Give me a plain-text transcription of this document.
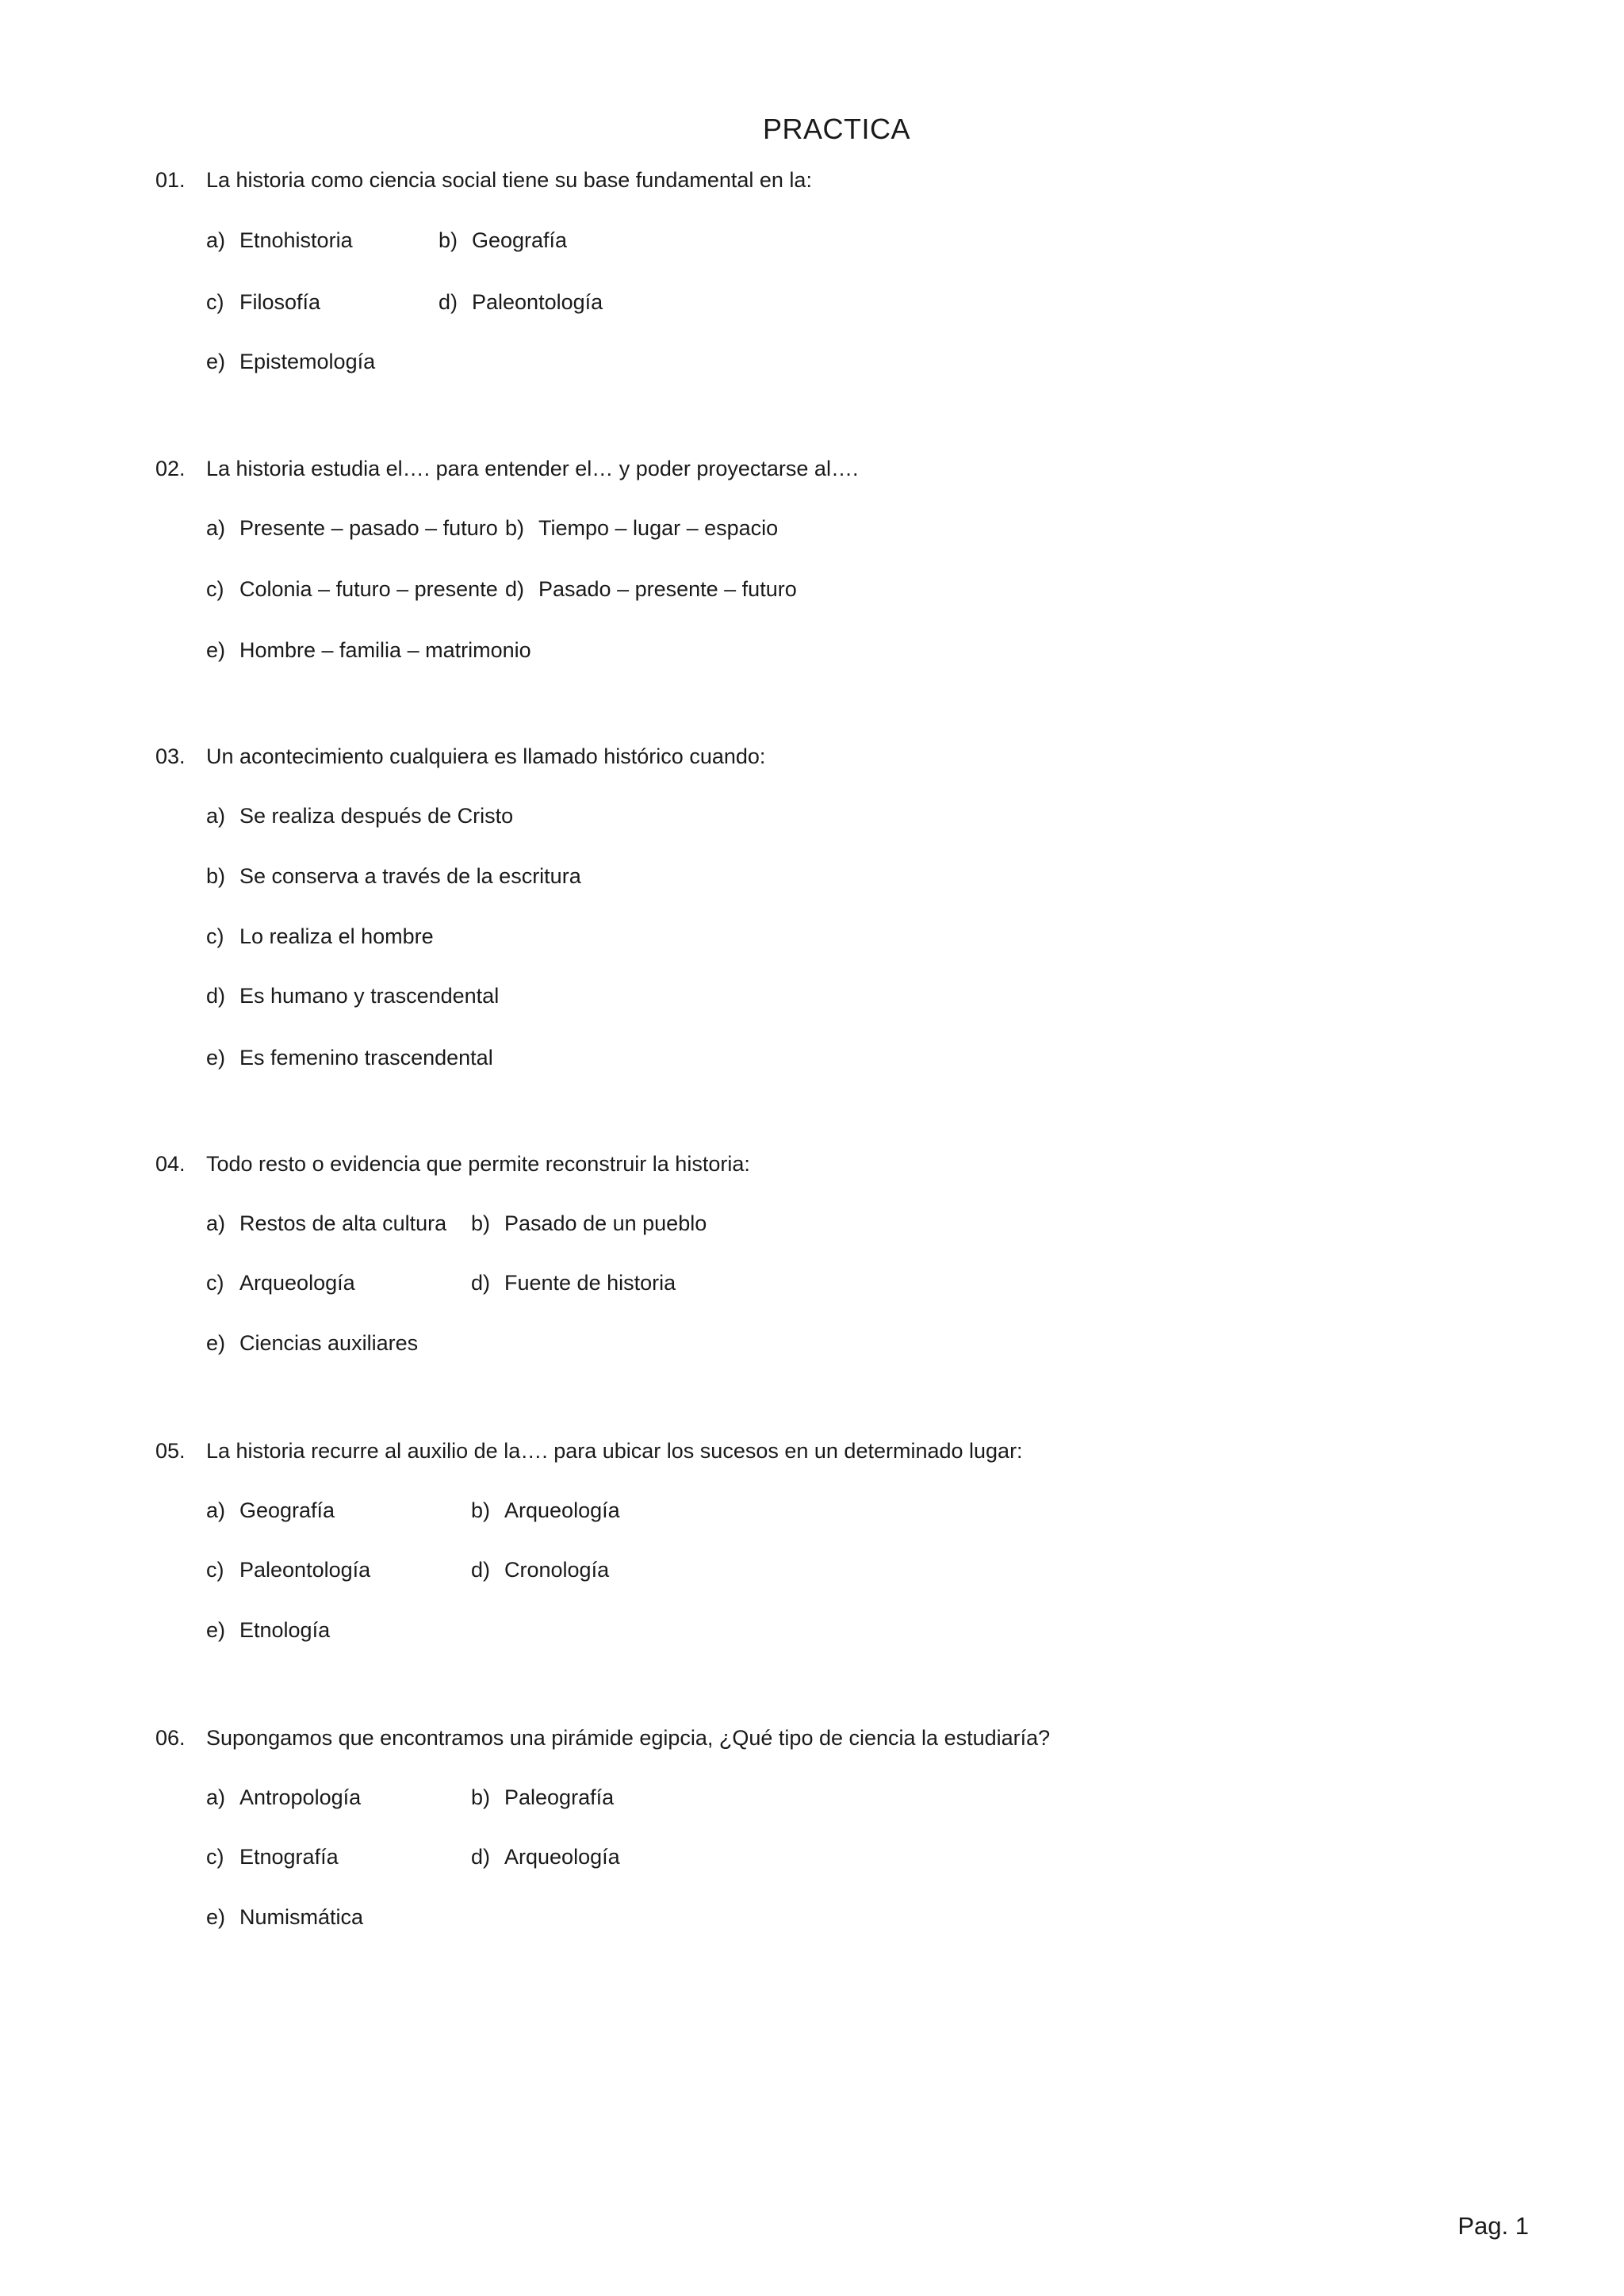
PRACTICA
01. La historia como ciencia social tiene su base fundamental en la:
a) Etnohistoria	b) Geografía
c) Filosofía	d) Paleontología
e) Epistemología
02. La historia estudia el…. para entender el… y poder proyectarse al….
a) Presente – pasado – futuro b) Tiempo – lugar – espacio
c) Colonia – futuro – presente d) Pasado – presente – futuro
e) Hombre – familia – matrimonio
03. Un acontecimiento cualquiera es llamado histórico cuando:
a) Se realiza después de Cristo
b) Se conserva a través de la escritura
c) Lo realiza el hombre
d) Es humano y trascendental
e) Es femenino trascendental
04. Todo resto o evidencia que permite reconstruir la historia:
a) Restos de alta cultura b) Pasado de un pueblo
c) Arqueología	d) Fuente de historia
e) Ciencias auxiliares
05. La historia recurre al auxilio de la…. para ubicar los sucesos en un determinado lugar:
a) Geografía	b) Arqueología
c) Paleontología	d) Cronología
e) Etnología
06. Supongamos que encontramos una pirámide egipcia, ¿Qué tipo de ciencia la estudiaría?
a) Antropología	b) Paleografía
c) Etnografía	d) Arqueología
e) Numismática
Pag. 1
